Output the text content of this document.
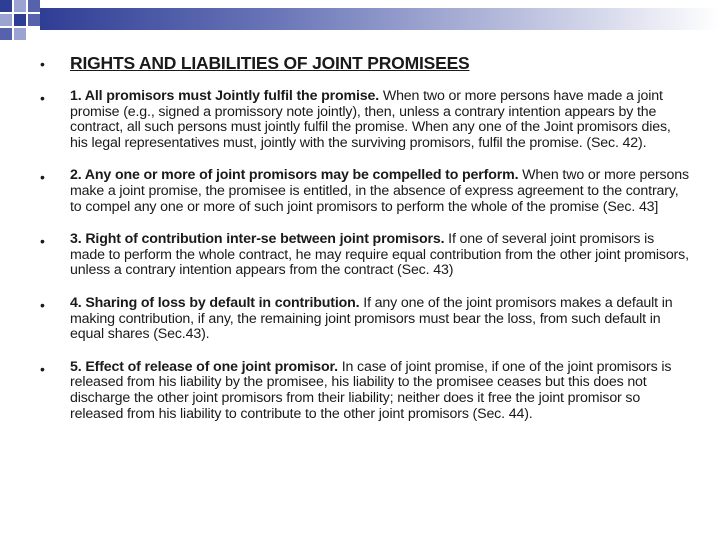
•	RIGHTS AND LIABILITIES OF JOINT PROMISEES
•	1. All promisors must Jointly fulfil the promise. When two or more persons have made a joint promise (e.g., signed a promissory note jointly), then, unless a contrary intention appears by the contract, all such persons must jointly fulfil the promise. When any one of the Joint promisors dies, his legal representatives must, jointly with the surviving promisors, fulfil the promise. (Sec. 42).
•	2. Any one or more of joint promisors may be compelled to perform. When two or more persons make a joint promise, the promisee is entitled, in the absence of express agreement to the contrary, to compel any one or more of such joint promisors to perform the whole of the promise (Sec. 43]
•	3. Right of contribution inter-se between joint promisors. If one of several joint promisors is made to perform the whole contract, he may require equal contribution from the other joint promisors, unless a contrary intention appears from the contract (Sec. 43)
•	4. Sharing of loss by default in contribution. If any one of the joint promisors makes a default in making contribution, if any, the remaining joint promisors must bear the loss, from such default in equal shares (Sec.43).
•	5. Effect of release of one joint promisor. In case of joint promise, if one of the joint promisors is released from his liability by the promisee, his liability to the promisee ceases but this does not discharge the other joint promisors from their liability; neither does it free the joint promisor so released from his liability to contribute to the other joint promisors (Sec. 44).
